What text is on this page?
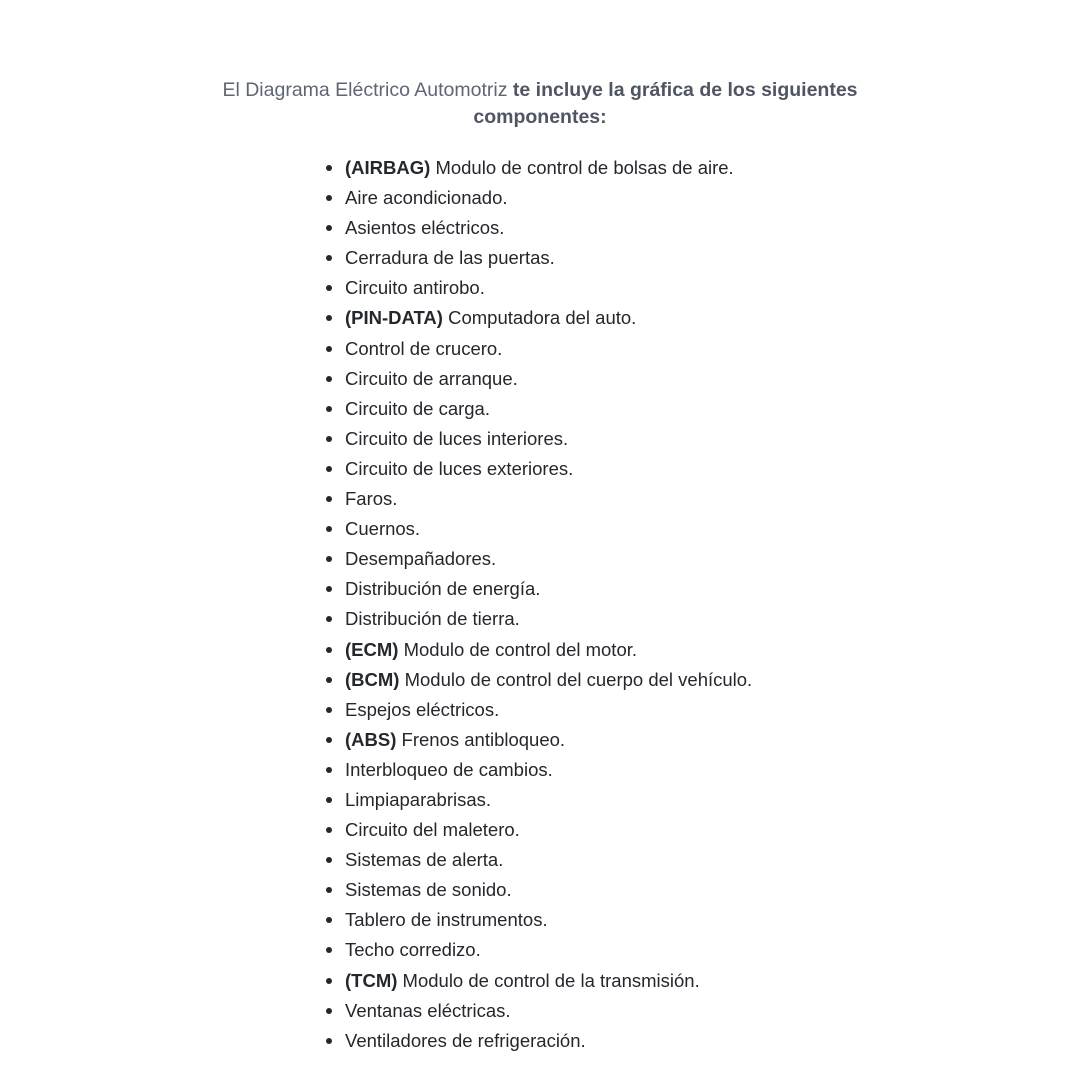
El Diagrama Eléctrico Automotriz te incluye la gráfica de los siguientes
componentes:
(AIRBAG) Modulo de control de bolsas de aire.
Aire acondicionado.
Asientos eléctricos.
Cerradura de las puertas.
Circuito antirobo.
(PIN-DATA) Computadora del auto.
Control de crucero.
Circuito de arranque.
Circuito de carga.
Circuito de luces interiores.
Circuito de luces exteriores.
Faros.
Cuernos.
Desempañadores.
Distribución de energía.
Distribución de tierra.
(ECM) Modulo de control del motor.
(BCM) Modulo de control del cuerpo del vehículo.
Espejos eléctricos.
(ABS) Frenos antibloqueo.
Interbloqueo de cambios.
Limpiaparabrisas.
Circuito del maletero.
Sistemas de alerta.
Sistemas de sonido.
Tablero de instrumentos.
Techo corredizo.
(TCM) Modulo de control de la transmisión.
Ventanas eléctricas.
Ventiladores de refrigeración.
